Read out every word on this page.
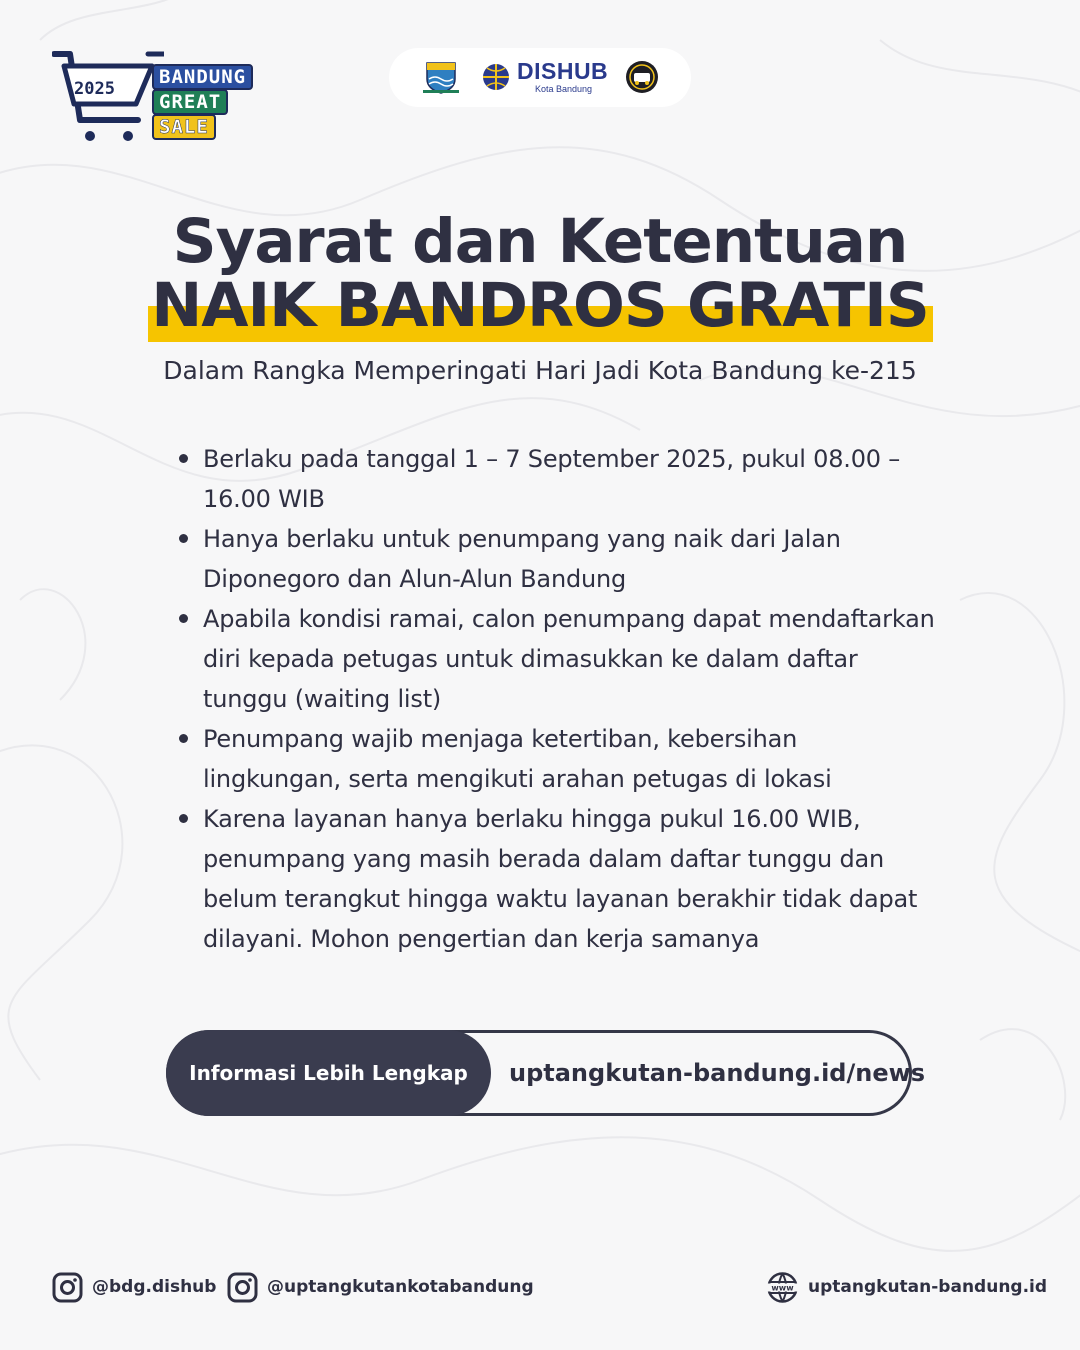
2025
BANDUNG
GREAT
SALE
DISHUB
Kota Bandung
Syarat dan Ketentuan
NAIK BANDROS GRATIS
Dalam Rangka Memperingati Hari Jadi Kota Bandung ke-215
Berlaku pada tanggal 1 – 7 September 2025, pukul 08.00 – 16.00 WIB
Hanya berlaku untuk penumpang yang naik dari Jalan Diponegoro dan Alun-Alun Bandung
Apabila kondisi ramai, calon penumpang dapat mendaftarkan diri kepada petugas untuk dimasukkan ke dalam daftar tunggu (waiting list)
Penumpang wajib menjaga ketertiban, kebersihan lingkungan, serta mengikuti arahan petugas di lokasi
Karena layanan hanya berlaku hingga pukul 16.00 WIB, penumpang yang masih berada dalam daftar tunggu dan belum terangkut hingga waktu layanan berakhir tidak dapat dilayani. Mohon pengertian dan kerja samanya
Informasi Lebih Lengkap	uptangkutan-bandung.id/news
@bdg.dishub	@uptangkutankotabandung	www uptangkutan-bandung.id
